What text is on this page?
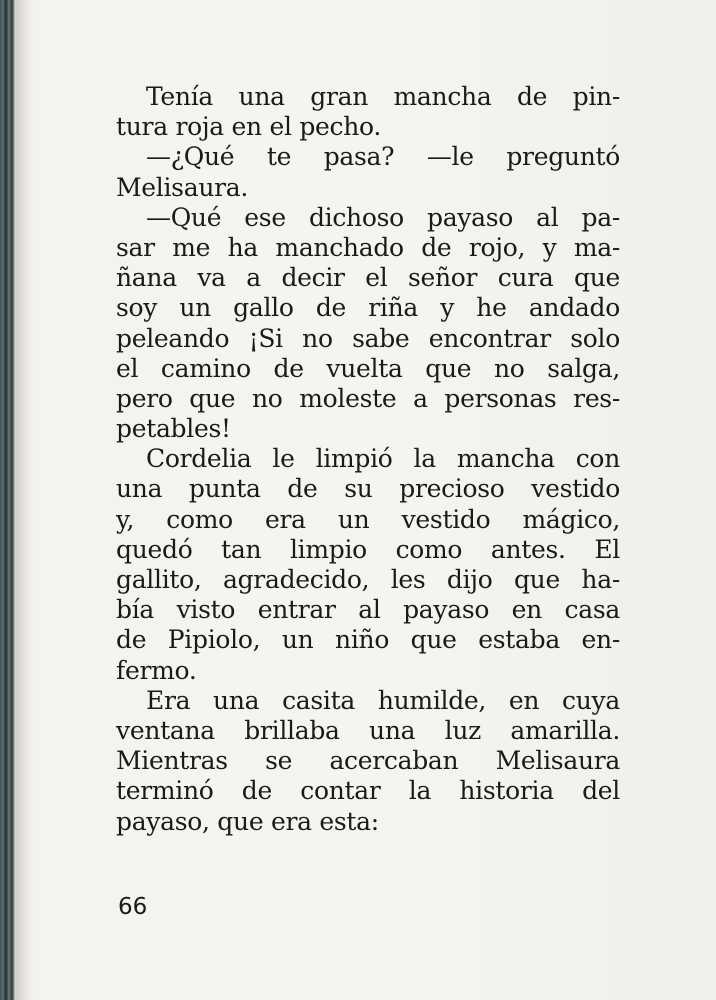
Tenía una gran mancha de pin-
tura roja en el pecho.
—¿Qué te pasa? —le preguntó
Melisaura.
—Qué ese dichoso payaso al pa-
sar me ha manchado de rojo, y ma-
ñana va a decir el señor cura que
soy un gallo de riña y he andado
peleando ¡Si no sabe encontrar solo
el camino de vuelta que no salga,
pero que no moleste a personas res-
petables!
Cordelia le limpió la mancha con
una punta de su precioso vestido
y, como era un vestido mágico,
quedó tan limpio como antes. El
gallito, agradecido, les dijo que ha-
bía visto entrar al payaso en casa
de Pipiolo, un niño que estaba en-
fermo.
Era una casita humilde, en cuya
ventana brillaba una luz amarilla.
Mientras se acercaban Melisaura
terminó de contar la historia del
payaso, que era esta:
66
